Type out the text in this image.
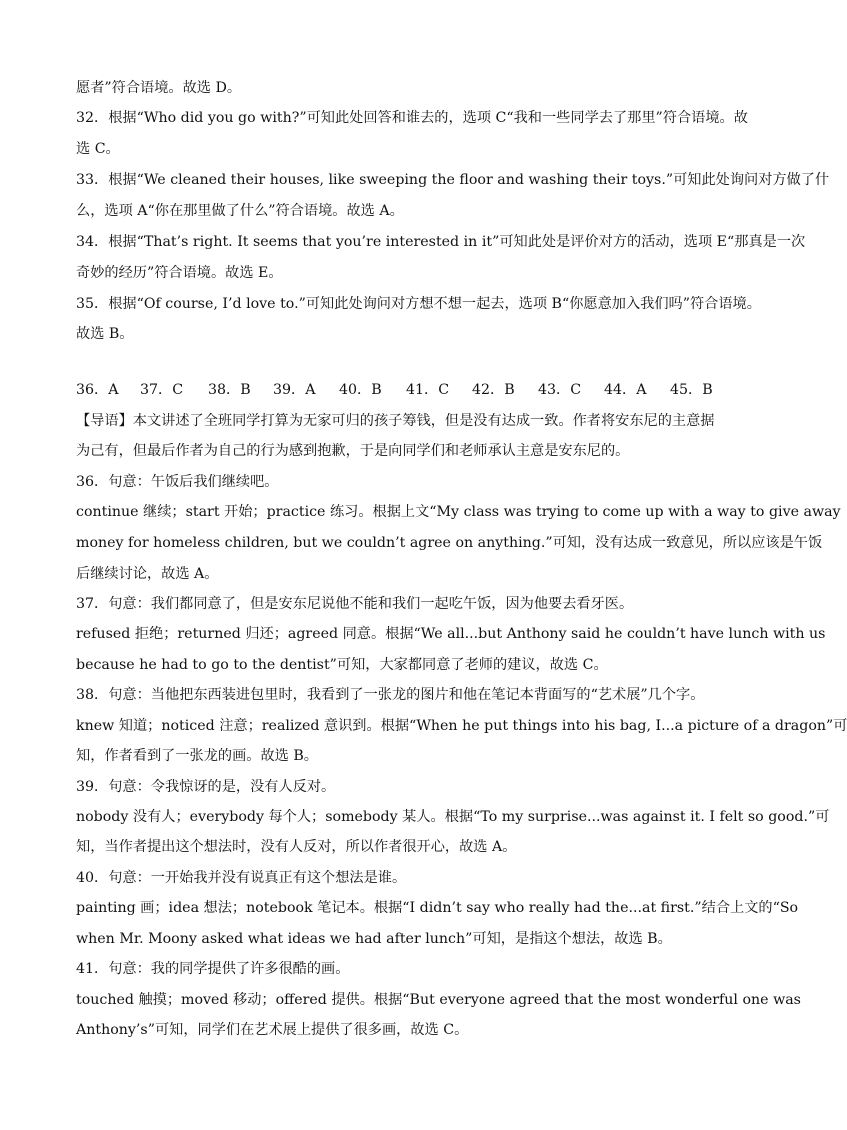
愿者”符合语境。故选 D。
32．根据“Who did you go with?”可知此处回答和谁去的，选项 C“我和一些同学去了那里”符合语境。故
选 C。
33．根据“We cleaned their houses, like sweeping the floor and washing their toys.”可知此处询问对方做了什
么，选项 A“你在那里做了什么”符合语境。故选 A。
34．根据“That’s right. It seems that you’re interested in it”可知此处是评价对方的活动，选项 E“那真是一次
奇妙的经历”符合语境。故选 E。
35．根据“Of course, I’d love to.”可知此处询问对方想不想一起去，选项 B“你愿意加入我们吗”符合语境。
故选 B。
36．A 37．C 38．B 39．A 40．B 41．C 42．B 43．C 44．A 45．B
【导语】本文讲述了全班同学打算为无家可归的孩子筹钱，但是没有达成一致。作者将安东尼的主意据
为己有，但最后作者为自己的行为感到抱歉，于是向同学们和老师承认主意是安东尼的。
36．句意：午饭后我们继续吧。
continue 继续；start 开始；practice 练习。根据上文“My class was trying to come up with a way to give away
money for homeless children, but we couldn’t agree on anything.”可知，没有达成一致意见，所以应该是午饭
后继续讨论，故选 A。
37．句意：我们都同意了，但是安东尼说他不能和我们一起吃午饭，因为他要去看牙医。
refused 拒绝；returned 归还；agreed 同意。根据“We all...but Anthony said he couldn’t have lunch with us
because he had to go to the dentist”可知，大家都同意了老师的建议，故选 C。
38．句意：当他把东西装进包里时，我看到了一张龙的图片和他在笔记本背面写的“艺术展”几个字。
knew 知道；noticed 注意；realized 意识到。根据“When he put things into his bag, I...a picture of a dragon”可
知，作者看到了一张龙的画。故选 B。
39．句意：令我惊讶的是，没有人反对。
nobody 没有人；everybody 每个人；somebody 某人。根据“To my surprise...was against it. I felt so good.”可
知，当作者提出这个想法时，没有人反对，所以作者很开心，故选 A。
40．句意：一开始我并没有说真正有这个想法是谁。
painting 画；idea 想法；notebook 笔记本。根据“I didn’t say who really had the...at first.”结合上文的“So
when Mr. Moony asked what ideas we had after lunch”可知，是指这个想法，故选 B。
41．句意：我的同学提供了许多很酷的画。
touched 触摸；moved 移动；offered 提供。根据“But everyone agreed that the most wonderful one was
Anthony’s”可知，同学们在艺术展上提供了很多画，故选 C。
